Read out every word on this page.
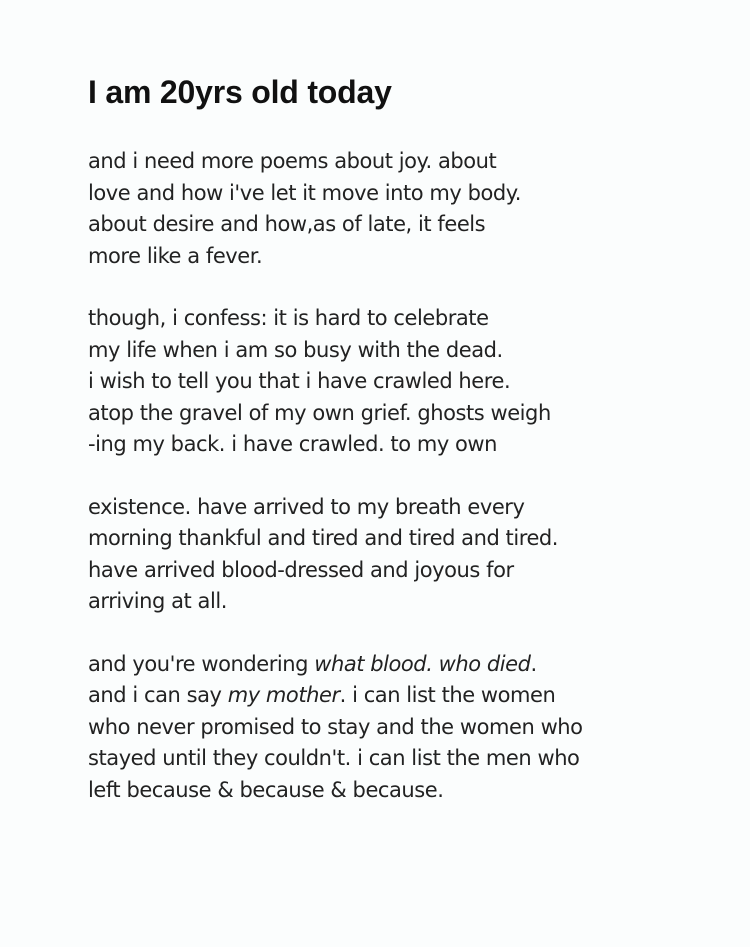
I am 20yrs old today
and i need more poems about joy. about
love and how i've let it move into my body.
about desire and how,as of late, it feels
more like a fever.
though, i confess: it is hard to celebrate
my life when i am so busy with the dead.
i wish to tell you that i have crawled here.
atop the gravel of my own grief. ghosts weigh
-ing my back. i have crawled. to my own
existence. have arrived to my breath every
morning thankful and tired and tired and tired.
have arrived blood-dressed and joyous for
arriving at all.
and you're wondering what blood. who died.
and i can say my mother. i can list the women
who never promised to stay and the women who
stayed until they couldn't. i can list the men who
left because & because & because.
